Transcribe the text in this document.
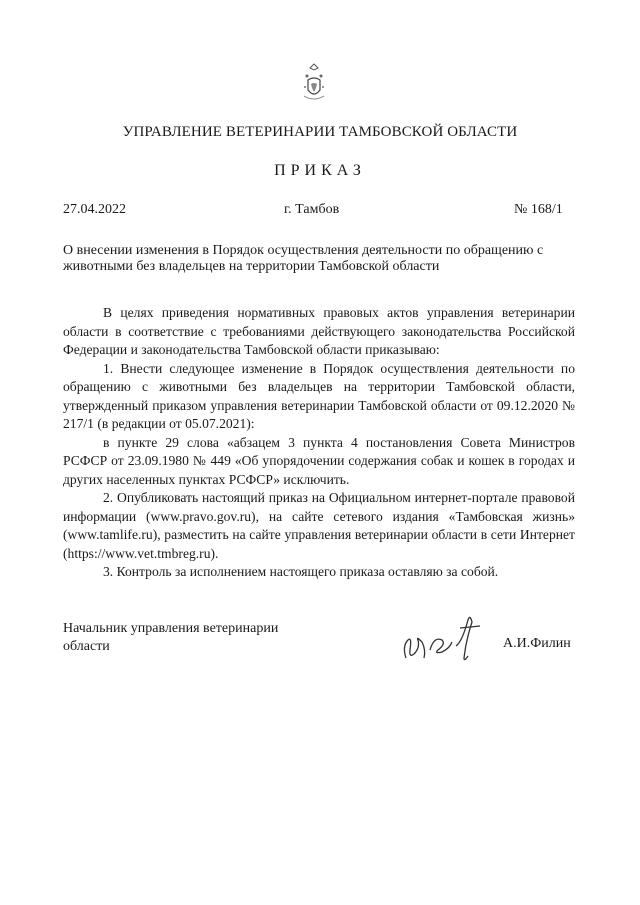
УПРАВЛЕНИЕ ВЕТЕРИНАРИИ ТАМБОВСКОЙ ОБЛАСТИ
ПРИКАЗ
27.04.2022	г. Тамбов	№ 168/1
О внесении изменения в Порядок осуществления деятельности по обращению с животными без владельцев на территории Тамбовской области

В целях приведения нормативных правовых актов управления ветеринарии области в соответствие с требованиями действующего законодательства Российской Федерации и законодательства Тамбовской области приказываю:

1. Внести следующее изменение в Порядок осуществления деятельности по обращению с животными без владельцев на территории Тамбовской области, утвержденный приказом управления ветеринарии Тамбовской области от 09.12.2020 № 217/1 (в редакции от 05.07.2021):

в пункте 29 слова «абзацем 3 пункта 4 постановления Совета Министров РСФСР от 23.09.1980 № 449 «Об упорядочении содержания собак и кошек в городах и других населенных пунктах РСФСР» исключить.

2. Опубликовать настоящий приказ на Официальном интернет-портале правовой информации (www.pravo.gov.ru), на сайте сетевого издания «Тамбовская жизнь» (www.tamlife.ru), разместить на сайте управления ветеринарии области в сети Интернет (https://www.vet.tmbreg.ru).

3. Контроль за исполнением настоящего приказа оставляю за собой.

Начальник управления ветеринарии области	А.И.Филин
